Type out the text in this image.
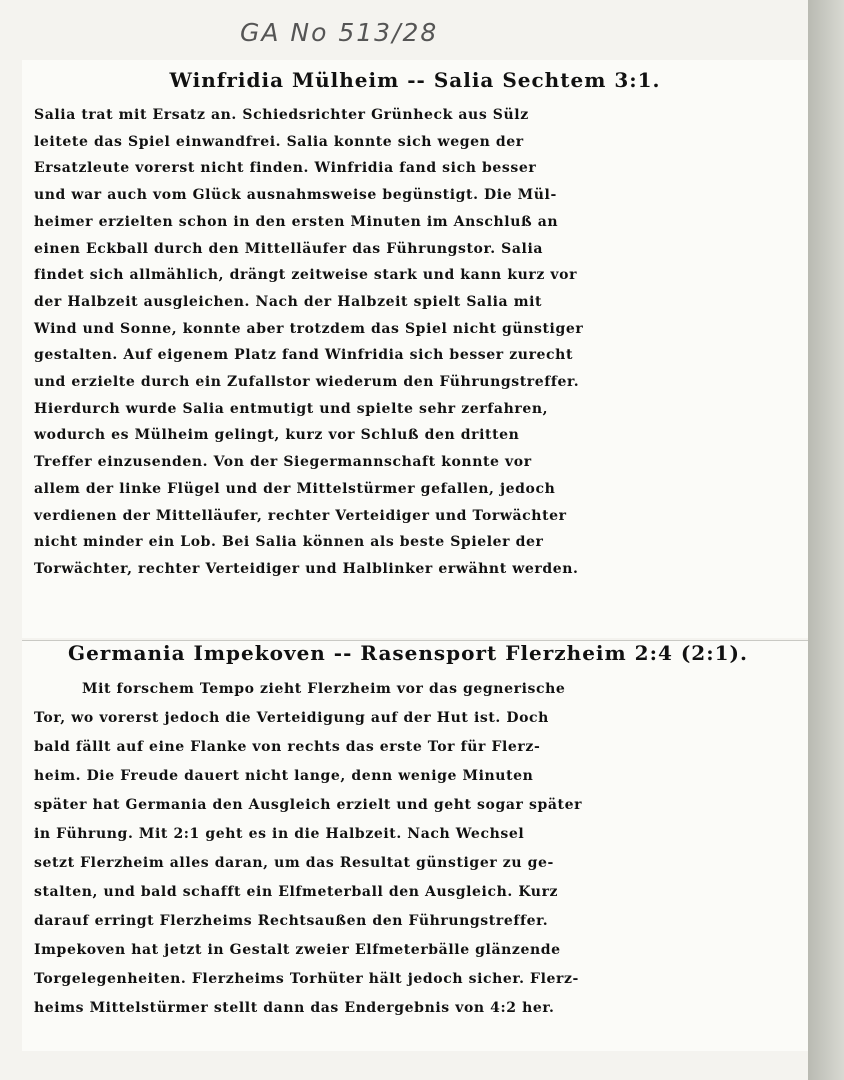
GA No 513/28
Winfridia Mülheim -- Salia Sechtem 3:1.
Salia trat mit Ersatz an. Schiedsrichter Grünheck aus Sülz
leitete das Spiel einwandfrei. Salia konnte sich wegen der
Ersatzleute vorerst nicht finden. Winfridia fand sich besser
und war auch vom Glück ausnahmsweise begünstigt. Die Mül-
heimer erzielten schon in den ersten Minuten im Anschluß an
einen Eckball durch den Mittelläufer das Führungstor. Salia
findet sich allmählich, drängt zeitweise stark und kann kurz vor
der Halbzeit ausgleichen. Nach der Halbzeit spielt Salia mit
Wind und Sonne, konnte aber trotzdem das Spiel nicht günstiger
gestalten. Auf eigenem Platz fand Winfridia sich besser zurecht
und erzielte durch ein Zufallstor wiederum den Führungstreffer.
Hierdurch wurde Salia entmutigt und spielte sehr zerfahren,
wodurch es Mülheim gelingt, kurz vor Schluß den dritten
Treffer einzusenden. Von der Siegermannschaft konnte vor
allem der linke Flügel und der Mittelstürmer gefallen, jedoch
verdienen der Mittelläufer, rechter Verteidiger und Torwächter
nicht minder ein Lob. Bei Salia können als beste Spieler der
Torwächter, rechter Verteidiger und Halblinker erwähnt werden.
Germania Impekoven -- Rasensport Flerzheim 2:4 (2:1).
Mit forschem Tempo zieht Flerzheim vor das gegnerische
Tor, wo vorerst jedoch die Verteidigung auf der Hut ist. Doch
bald fällt auf eine Flanke von rechts das erste Tor für Flerz-
heim. Die Freude dauert nicht lange, denn wenige Minuten
später hat Germania den Ausgleich erzielt und geht sogar später
in Führung. Mit 2:1 geht es in die Halbzeit. Nach Wechsel
setzt Flerzheim alles daran, um das Resultat günstiger zu ge-
stalten, und bald schafft ein Elfmeterball den Ausgleich. Kurz
darauf erringt Flerzheims Rechtsaußen den Führungstreffer.
Impekoven hat jetzt in Gestalt zweier Elfmeterbälle glänzende
Torgelegenheiten. Flerzheims Torhüter hält jedoch sicher. Flerz-
heims Mittelstürmer stellt dann das Endergebnis von 4:2 her.
